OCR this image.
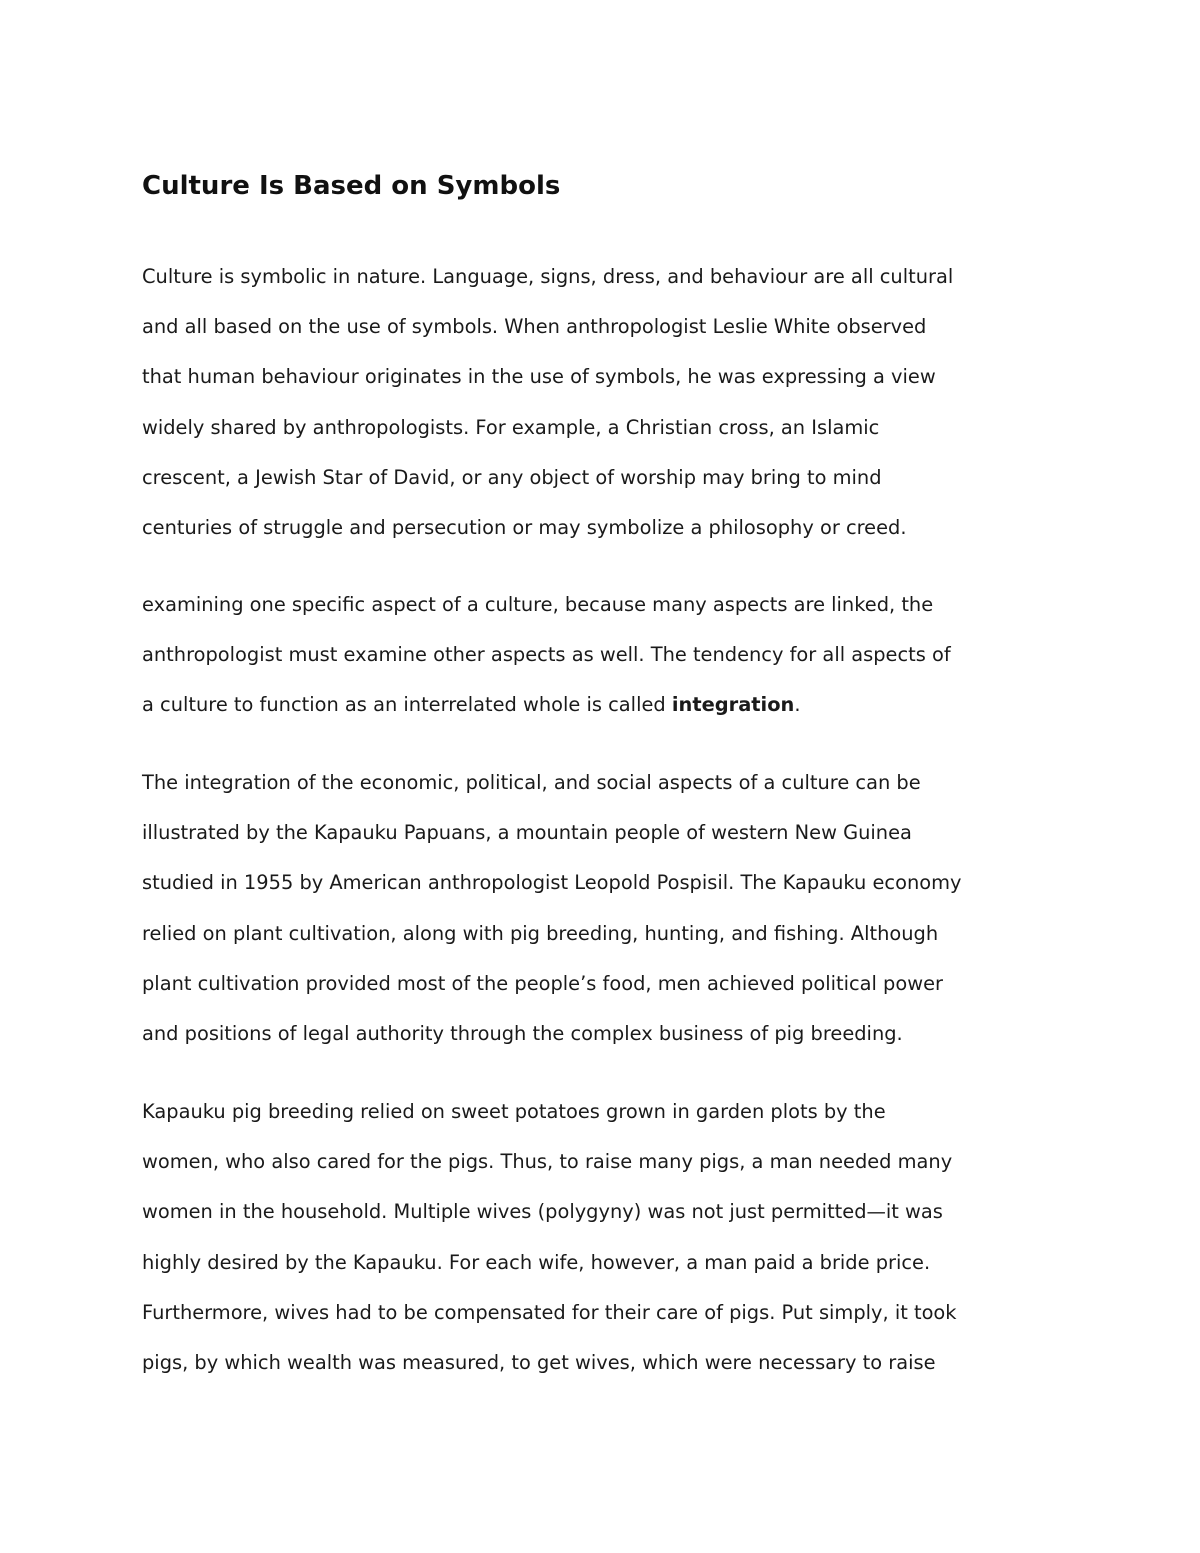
Culture Is Based on Symbols
Culture is symbolic in nature. Language, signs, dress, and behaviour are all cultural
and all based on the use of symbols. When anthropologist Leslie White observed
that human behaviour originates in the use of symbols, he was expressing a view
widely shared by anthropologists. For example, a Christian cross, an Islamic
crescent, a Jewish Star of David, or any object of worship may bring to mind
centuries of struggle and persecution or may symbolize a philosophy or creed.
examining one specific aspect of a culture, because many aspects are linked, the
anthropologist must examine other aspects as well. The tendency for all aspects of
a culture to function as an interrelated whole is called integration.
The integration of the economic, political, and social aspects of a culture can be
illustrated by the Kapauku Papuans, a mountain people of western New Guinea
studied in 1955 by American anthropologist Leopold Pospisil. The Kapauku economy
relied on plant cultivation, along with pig breeding, hunting, and fishing. Although
plant cultivation provided most of the people’s food, men achieved political power
and positions of legal authority through the complex business of pig breeding.
Kapauku pig breeding relied on sweet potatoes grown in garden plots by the
women, who also cared for the pigs. Thus, to raise many pigs, a man needed many
women in the household. Multiple wives (polygyny) was not just permitted—it was
highly desired by the Kapauku. For each wife, however, a man paid a bride price.
Furthermore, wives had to be compensated for their care of pigs. Put simply, it took
pigs, by which wealth was measured, to get wives, which were necessary to raise
